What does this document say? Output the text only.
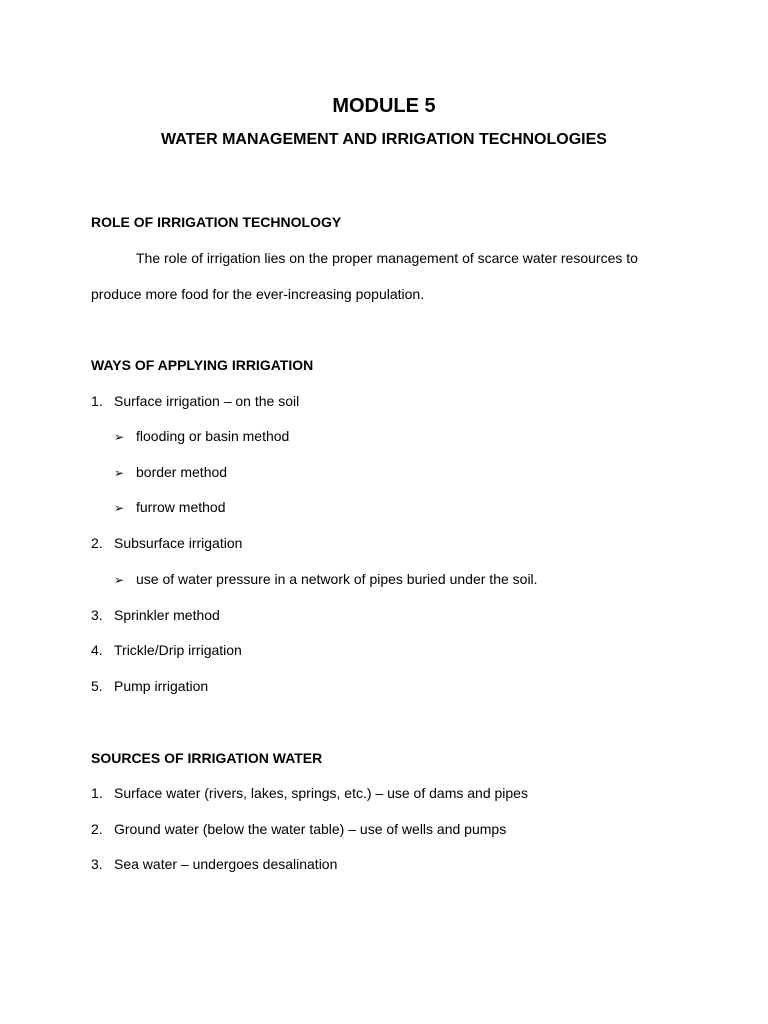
MODULE 5
WATER MANAGEMENT AND IRRIGATION TECHNOLOGIES
ROLE OF IRRIGATION TECHNOLOGY
The role of irrigation lies on the proper management of scarce water resources to
produce more food for the ever-increasing population.
WAYS OF APPLYING IRRIGATION
1. Surface irrigation – on the soil
➢ flooding or basin method
➢ border method
➢ furrow method
2. Subsurface irrigation
➢ use of water pressure in a network of pipes buried under the soil.
3. Sprinkler method
4. Trickle/Drip irrigation
5. Pump irrigation
SOURCES OF IRRIGATION WATER
1. Surface water (rivers, lakes, springs, etc.) – use of dams and pipes
2. Ground water (below the water table) – use of wells and pumps
3. Sea water – undergoes desalination
